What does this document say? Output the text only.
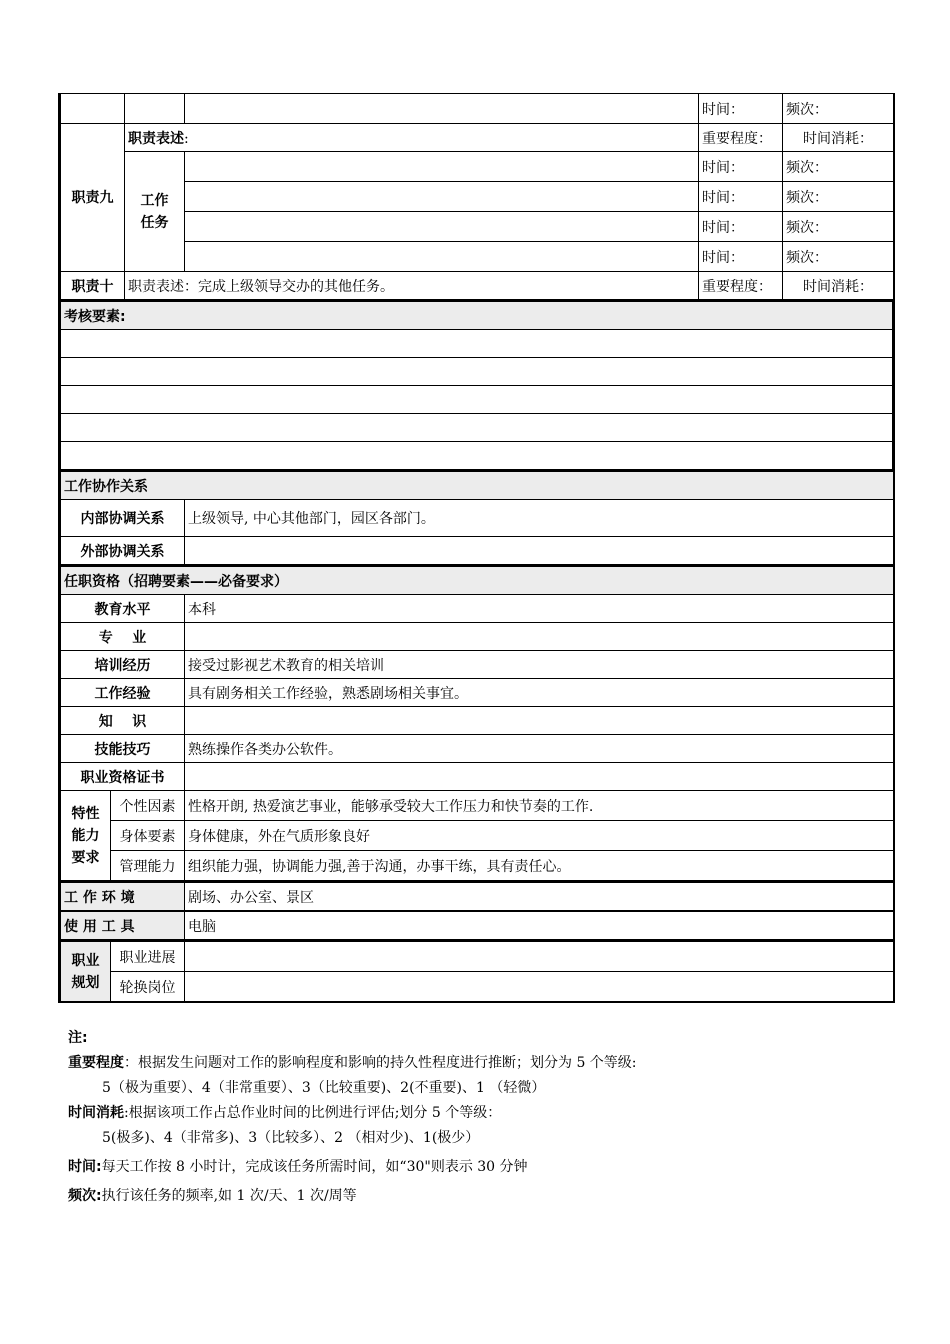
			时间：	频次：
职责九	职责表述:		重要程度：	时间消耗：
	工作任务		时间：	频次：
			时间：	频次：
			时间：	频次：
			时间：	频次：
职责十	职责表述：完成上级领导交办的其他任务。		重要程度：	时间消耗：
考核要素:

工作协作关系	
内部协调关系	上级领导, 中心其他部门，园区各部门。
外部协调关系	
任职资格（招聘要素——必备要求）		
教育水平		本科
专    业		
培训经历		接受过影视艺术教育的相关培训
工作经验		具有剧务相关工作经验，熟悉剧场相关事宜。
知    识		
技能技巧		熟练操作各类办公软件。
职业资格证书		
特性能力要求	个性因素	性格开朗, 热爱演艺事业，能够承受较大工作压力和快节奏的工作.
	身体要素	身体健康，外在气质形象良好
	管理能力	组织能力强，协调能力强,善于沟通，办事干练，具有责任心。
工 作 环 境	剧场、办公室、景区
使 用 工 具	电脑
职业规划	职业进展	
	轮换岗位	

注:

重要程度：根据发生问题对工作的影响程度和影响的持久性程度进行推断；划分为 5 个等级:

5（极为重要）、4（非常重要）、3（比较重要)、2(不重要)、1 （轻微）

时间消耗:根据该项工作占总作业时间的比例进行评估;划分 5 个等级：

5(极多)、4（非常多)、3（比较多）、2 （相对少)、1(极少）

时间:每天工作按 8 小时计，完成该任务所需时间，如“30"则表示 30 分钟

频次:执行该任务的频率,如 1 次/天、1 次/周等
